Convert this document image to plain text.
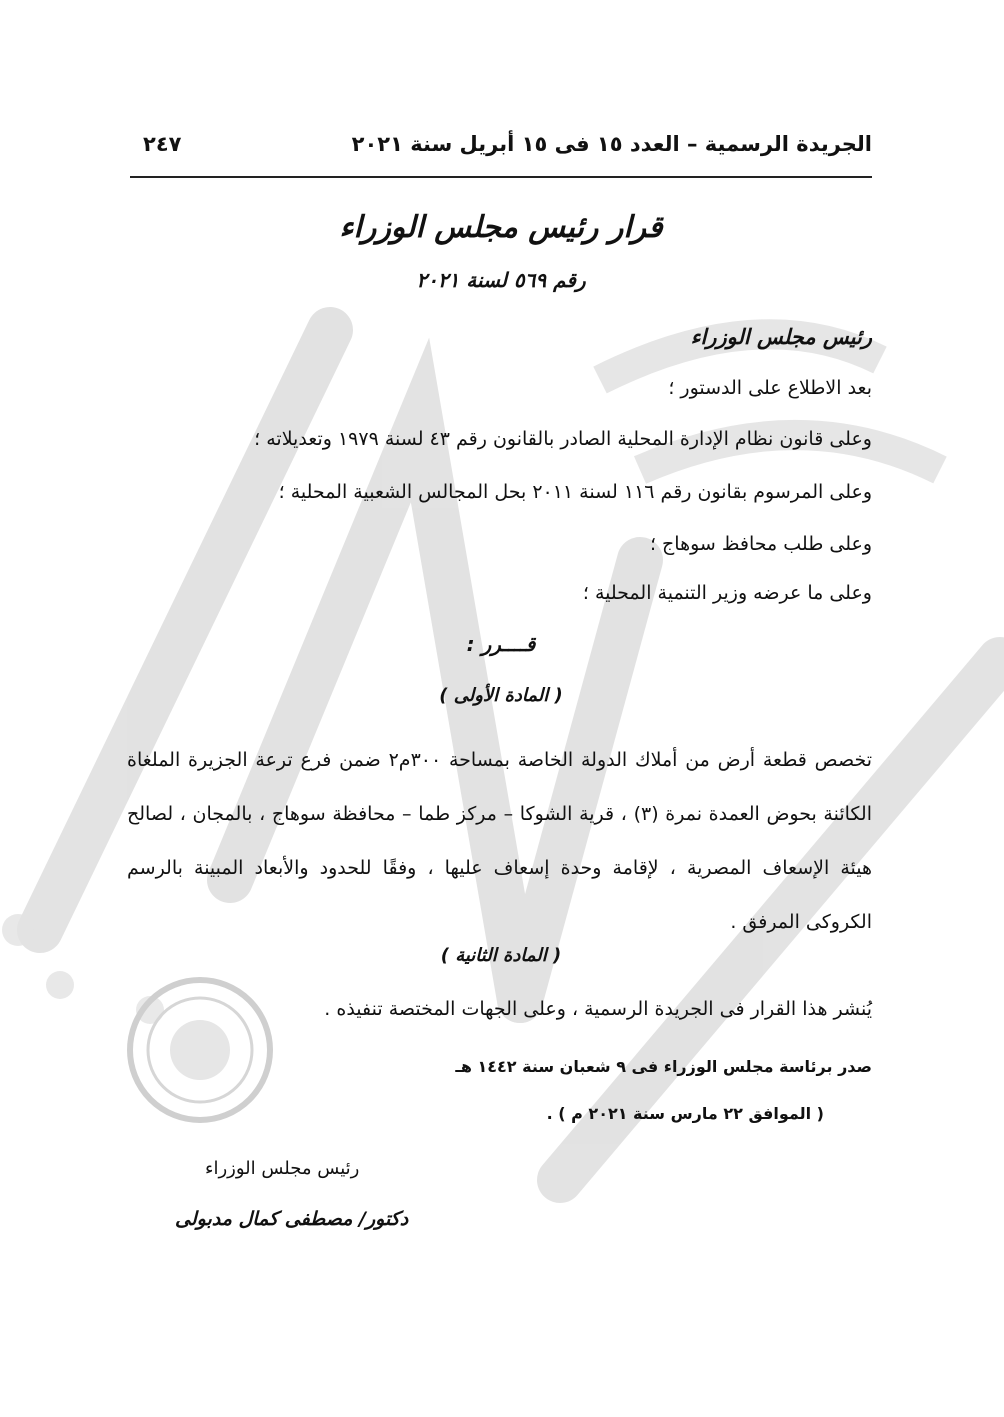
الجريدة الرسمية – العدد ١٥ فى ١٥ أبريل سنة ٢٠٢١
٢٤٧
قرار رئيس مجلس الوزراء
رقم ٥٦٩ لسنة ٢٠٢١
رئيس مجلس الوزراء
بعد الاطلاع على الدستور ؛
وعلى قانون نظام الإدارة المحلية الصادر بالقانون رقم ٤٣ لسنة ١٩٧٩ وتعديلاته ؛
وعلى المرسوم بقانون رقم ١١٦ لسنة ٢٠١١ بحل المجالس الشعبية المحلية ؛
وعلى طلب محافظ سوهاج ؛
وعلى ما عرضه وزير التنمية المحلية ؛
قــــرر :
( المادة الأولى )
تخصص قطعة أرض من أملاك الدولة الخاصة بمساحة ٣٠٠م٢ ضمن فرع ترعة الجزيرة الملغاة الكائنة بحوض العمدة نمرة (٣) ، قرية الشوكا – مركز طما – محافظة سوهاج ، بالمجان ، لصالح هيئة الإسعاف المصرية ، لإقامة وحدة إسعاف عليها ، وفقًا للحدود والأبعاد المبينة بالرسم الكروكى المرفق .
( المادة الثانية )
يُنشر هذا القرار فى الجريدة الرسمية ، وعلى الجهات المختصة تنفيذه .
صدر برئاسة مجلس الوزراء فى ٩ شعبان سنة ١٤٤٢ هـ
( الموافق ٢٢ مارس سنة ٢٠٢١ م ) .
رئيس مجلس الوزراء
دكتور/ مصطفى كمال مدبولى
